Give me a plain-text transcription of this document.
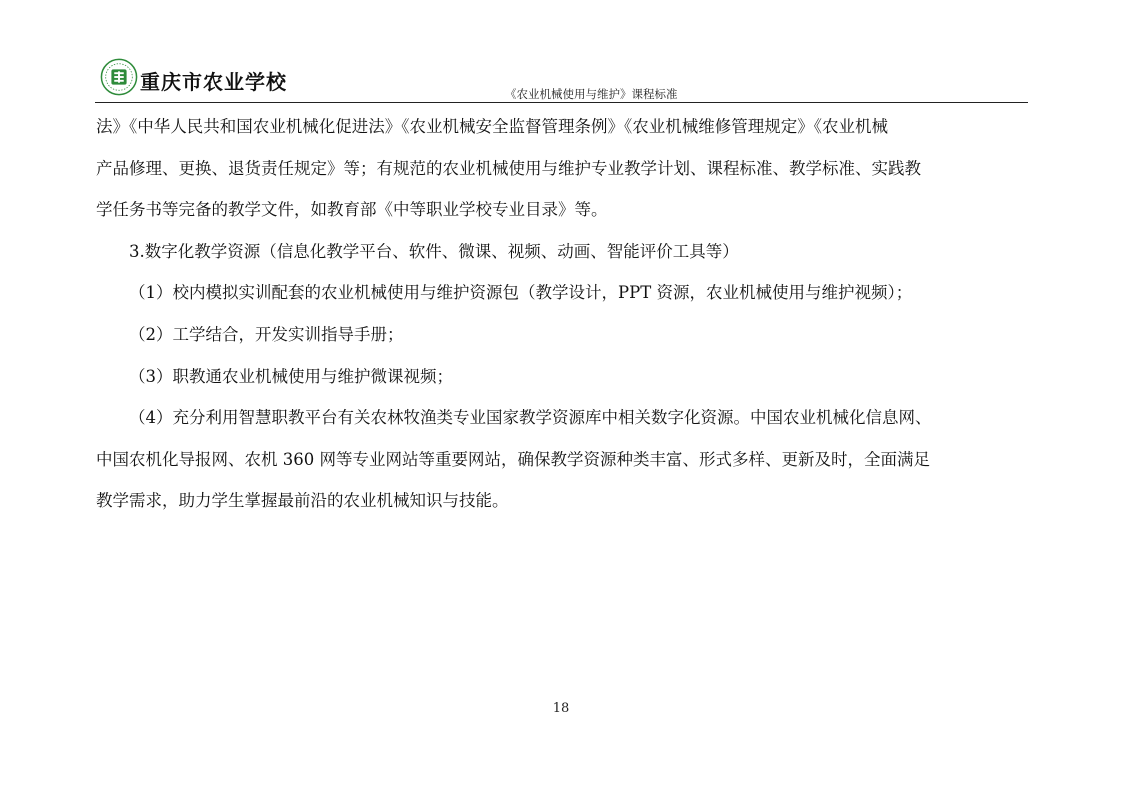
重庆市农业学校	《农业机械使用与维护》课程标准

法》《中华人民共和国农业机械化促进法》《农业机械安全监督管理条例》《农业机械维修管理规定》《农业机械

产品修理、更换、退货责任规定》等；有规范的农业机械使用与维护专业教学计划、课程标准、教学标准、实践教

学任务书等完备的教学文件，如教育部《中等职业学校专业目录》等。

3.数字化教学资源（信息化教学平台、软件、微课、视频、动画、智能评价工具等）

（1）校内模拟实训配套的农业机械使用与维护资源包（教学设计，PPT 资源，农业机械使用与维护视频）；

（2）工学结合，开发实训指导手册；

（3）职教通农业机械使用与维护微课视频；

（4）充分利用智慧职教平台有关农林牧渔类专业国家教学资源库中相关数字化资源。中国农业机械化信息网、

中国农机化导报网、农机 360 网等专业网站等重要网站，确保教学资源种类丰富、形式多样、更新及时，全面满足

教学需求，助力学生掌握最前沿的农业机械知识与技能。

18
